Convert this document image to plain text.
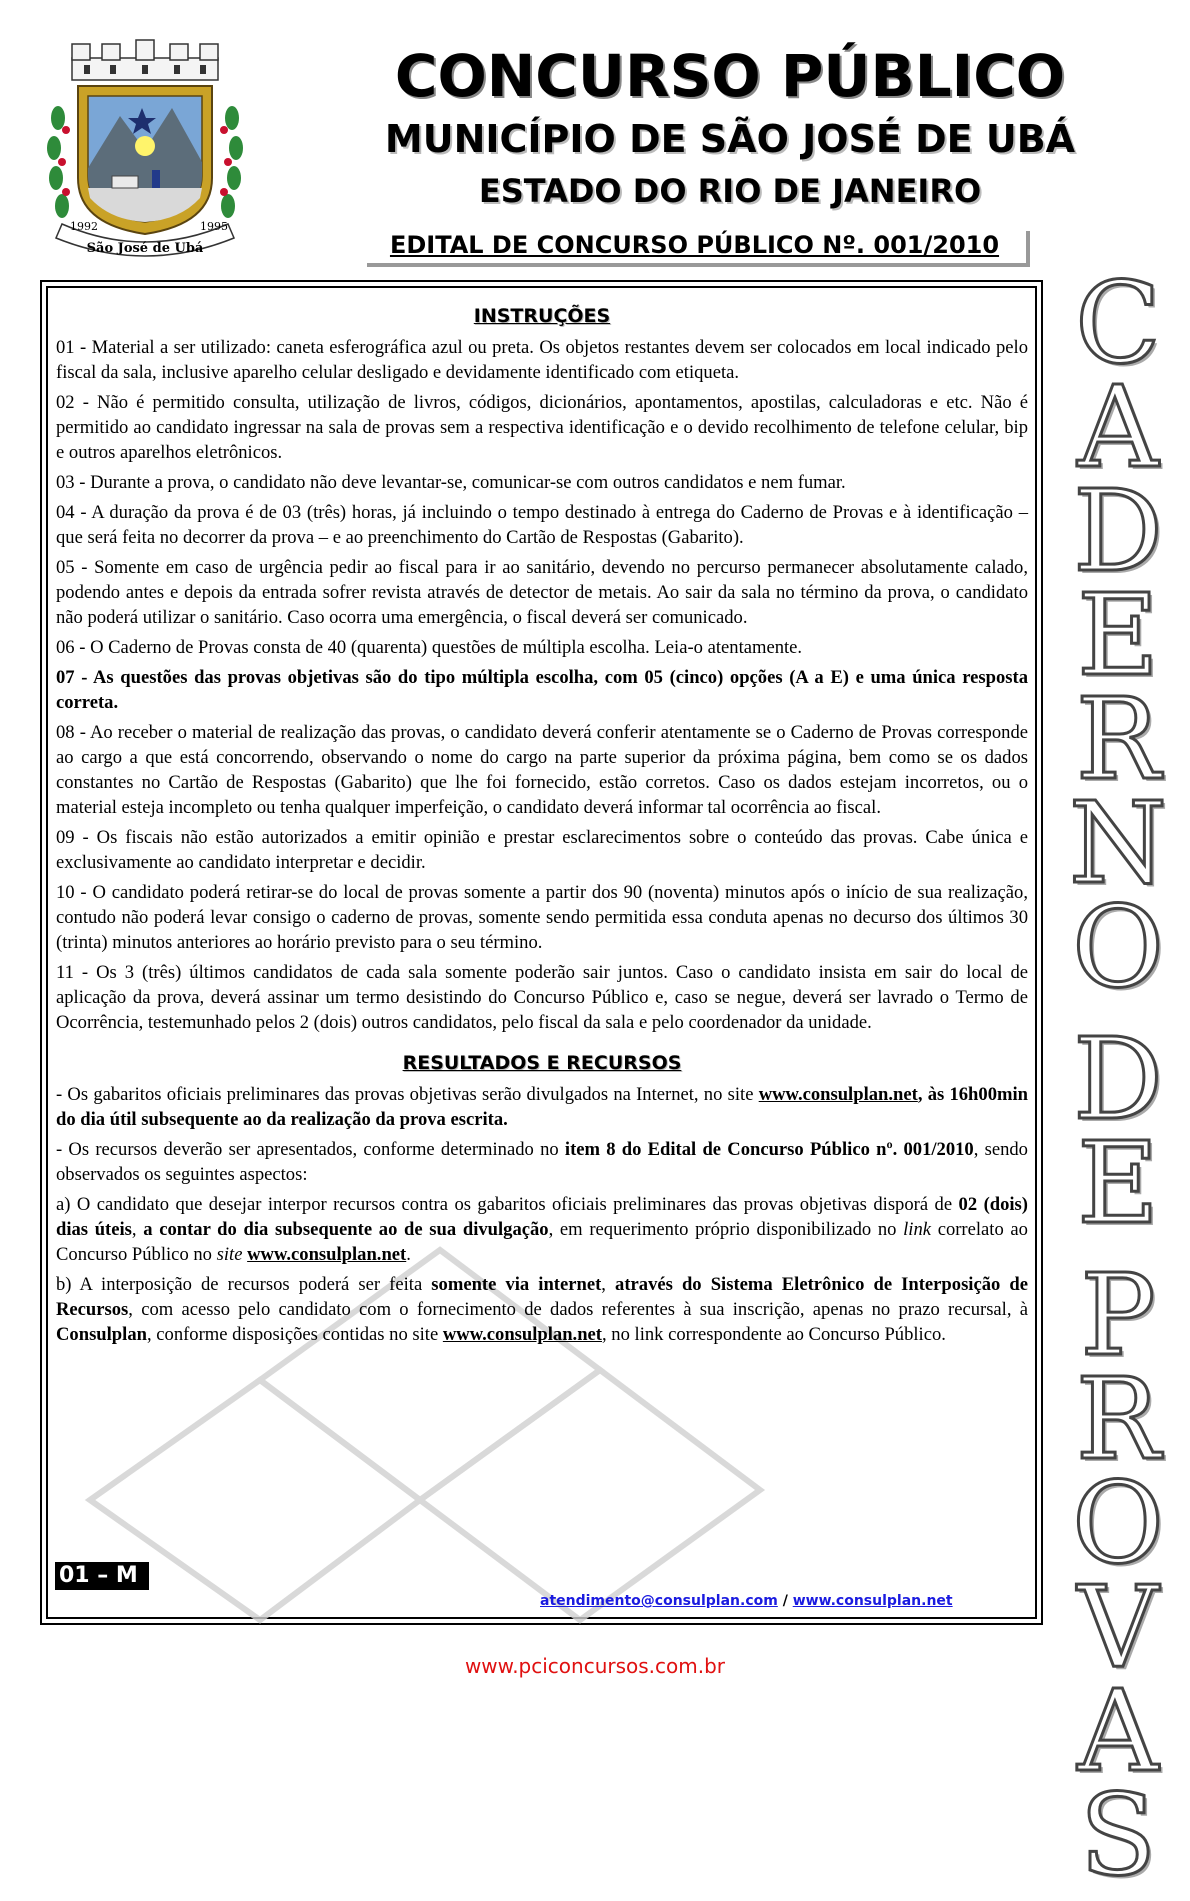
CONCURSO PÚBLICO
MUNICÍPIO DE SÃO JOSÉ DE UBÁ
ESTADO DO RIO DE JANEIRO
EDITAL DE CONCURSO PÚBLICO Nº. 001/2010
1992	1995
São José de Ubá
INSTRUÇÕES

01 - Material a ser utilizado: caneta esferográfica azul ou preta. Os objetos restantes devem ser colocados em local indicado pelo fiscal da sala, inclusive aparelho celular desligado e devidamente identificado com etiqueta.

02 - Não é permitido consulta, utilização de livros, códigos, dicionários, apontamentos, apostilas, calculadoras e etc. Não é permitido ao candidato ingressar na sala de provas sem a respectiva identificação e o devido recolhimento de telefone celular, bip e outros aparelhos eletrônicos.

03 - Durante a prova, o candidato não deve levantar-se, comunicar-se com outros candidatos e nem fumar.

04 - A duração da prova é de 03 (três) horas, já incluindo o tempo destinado à entrega do Caderno de Provas e à identificação – que será feita no decorrer da prova – e ao preenchimento do Cartão de Respostas (Gabarito).

05 - Somente em caso de urgência pedir ao fiscal para ir ao sanitário, devendo no percurso permanecer absolutamente calado, podendo antes e depois da entrada sofrer revista através de detector de metais. Ao sair da sala no término da prova, o candidato não poderá utilizar o sanitário. Caso ocorra uma emergência, o fiscal deverá ser comunicado.

06 - O Caderno de Provas consta de 40 (quarenta) questões de múltipla escolha. Leia-o atentamente.

07 - As questões das provas objetivas são do tipo múltipla escolha, com 05 (cinco) opções (A a E) e uma única resposta correta.

08 - Ao receber o material de realização das provas, o candidato deverá conferir atentamente se o Caderno de Provas corresponde ao cargo a que está concorrendo, observando o nome do cargo na parte superior da próxima página, bem como se os dados constantes no Cartão de Respostas (Gabarito) que lhe foi fornecido, estão corretos. Caso os dados estejam incorretos, ou o material esteja incompleto ou tenha qualquer imperfeição, o candidato deverá informar tal ocorrência ao fiscal.

09 - Os fiscais não estão autorizados a emitir opinião e prestar esclarecimentos sobre o conteúdo das provas. Cabe única e exclusivamente ao candidato interpretar e decidir.

10 - O candidato poderá retirar-se do local de provas somente a partir dos 90 (noventa) minutos após o início de sua realização, contudo não poderá levar consigo o caderno de provas, somente sendo permitida essa conduta apenas no decurso dos últimos 30 (trinta) minutos anteriores ao horário previsto para o seu término.

11 - Os 3 (três) últimos candidatos de cada sala somente poderão sair juntos. Caso o candidato insista em sair do local de aplicação da prova, deverá assinar um termo desistindo do Concurso Público e, caso se negue, deverá ser lavrado o Termo de Ocorrência, testemunhado pelos 2 (dois) outros candidatos, pelo fiscal da sala e pelo coordenador da unidade.

RESULTADOS E RECURSOS

- Os gabaritos oficiais preliminares das provas objetivas serão divulgados na Internet, no site www.consulplan.net, às 16h00min do dia útil subsequente ao da realização da prova escrita.

- Os recursos deverão ser apresentados, conforme determinado no item 8 do Edital de Concurso Público nº. 001/2010, sendo observados os seguintes aspectos:

a) O candidato que desejar interpor recursos contra os gabaritos oficiais preliminares das provas objetivas disporá de 02 (dois) dias úteis, a contar do dia subsequente ao de sua divulgação, em requerimento próprio disponibilizado no link correlato ao Concurso Público no site www.consulplan.net.

b) A interposição de recursos poderá ser feita somente via internet, através do Sistema Eletrônico de Interposição de Recursos, com acesso pelo candidato com o fornecimento de dados referentes à sua inscrição, apenas no prazo recursal, à Consulplan, conforme disposições contidas no site www.consulplan.net, no link correspondente ao Concurso Público.

C
A
D
E
R
N
O
D
E
P
R
O
V
A
S
01 – M
atendimento@consulplan.com / www.consulplan.net
www.pciconcursos.com.br
